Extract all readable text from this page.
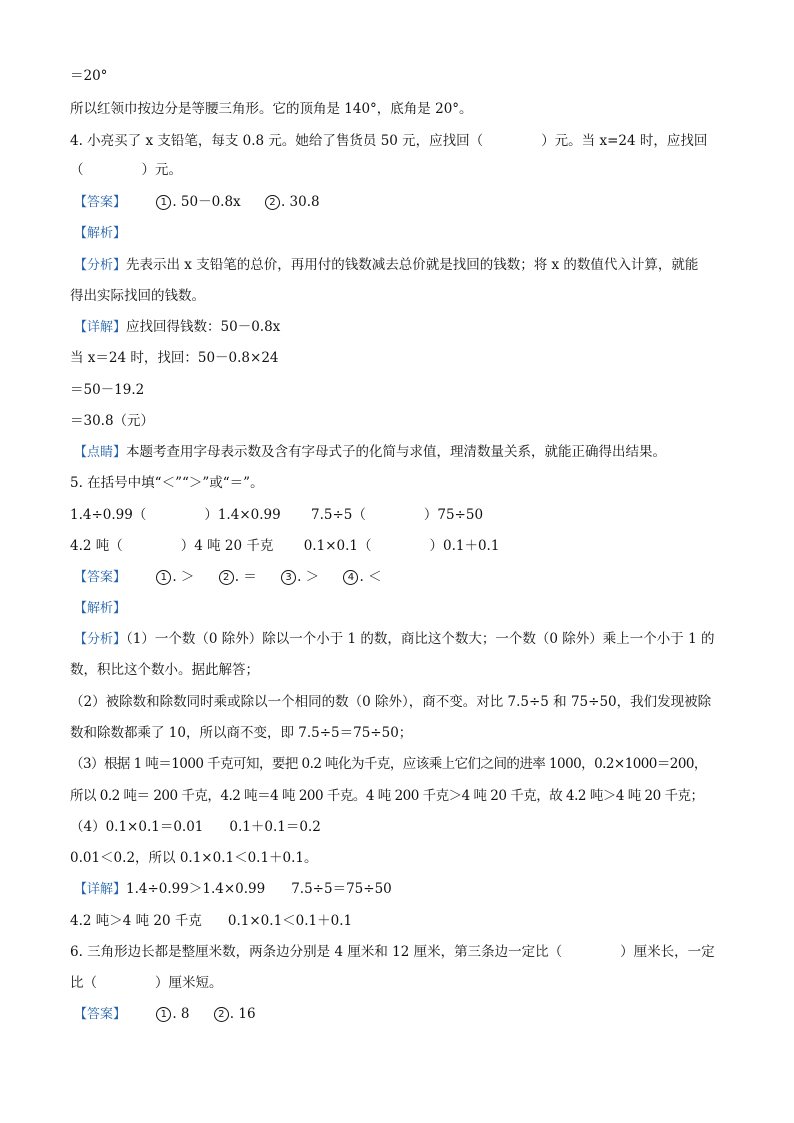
＝20°
所以红领巾按边分是等腰三角形。它的顶角是 140°，底角是 20°。
4. 小亮买了 x 支铅笔，每支 0.8 元。她给了售货员 50 元，应找回（	）元。当 x=24 时，应找回
（	）元。
【答案】	1 . 50－0.8x	2 . 30.8
【解析】
【分析】先表示出 x 支铅笔的总价，再用付的钱数减去总价就是找回的钱数；将 x 的数值代入计算，就能
得出实际找回的钱数。
【详解】应找回得钱数：50－0.8x
当 x＝24 时，找回：50－0.8×24
＝50－19.2
＝30.8（元）
【点睛】本题考查用字母表示数及含有字母式子的化简与求值，理清数量关系，就能正确得出结果。
5. 在括号中填“＜”“＞”或“＝”。
1.4÷0.99（	）1.4×0.99 7.5÷5（	）75÷50
4.2 吨（	）4 吨 20 千克 0.1×0.1（	）0.1＋0.1
【答案】	1 . ＞	2 . ＝	3 . ＞	4 . ＜
【解析】
【分析】（1）一个数（0 除外）除以一个小于 1 的数，商比这个数大；一个数（0 除外）乘上一个小于 1 的
数，积比这个数小。据此解答；
（2）被除数和除数同时乘或除以一个相同的数（0 除外），商不变。对比 7.5÷5 和 75÷50，我们发现被除
数和除数都乘了 10，所以商不变，即 7.5÷5＝75÷50；
（3）根据 1 吨＝1000 千克可知，要把 0.2 吨化为千克，应该乘上它们之间的进率 1000，0.2×1000＝200，
所以 0.2 吨＝ 200 千克，4.2 吨＝4 吨 200 千克。4 吨 200 千克＞4 吨 20 千克，故 4.2 吨＞4 吨 20 千克；
（4）0.1×0.1＝0.01 0.1＋0.1＝0.2
0.01＜0.2，所以 0.1×0.1＜0.1＋0.1。
【详解】1.4÷0.99＞1.4×0.99 7.5÷5＝75÷50
4.2 吨＞4 吨 20 千克 0.1×0.1＜0.1＋0.1
6. 三角形边长都是整厘米数，两条边分别是 4 厘米和 12 厘米，第三条边一定比（	）厘米长，一定
比（	）厘米短。
【答案】	1 . 8	2 . 16
